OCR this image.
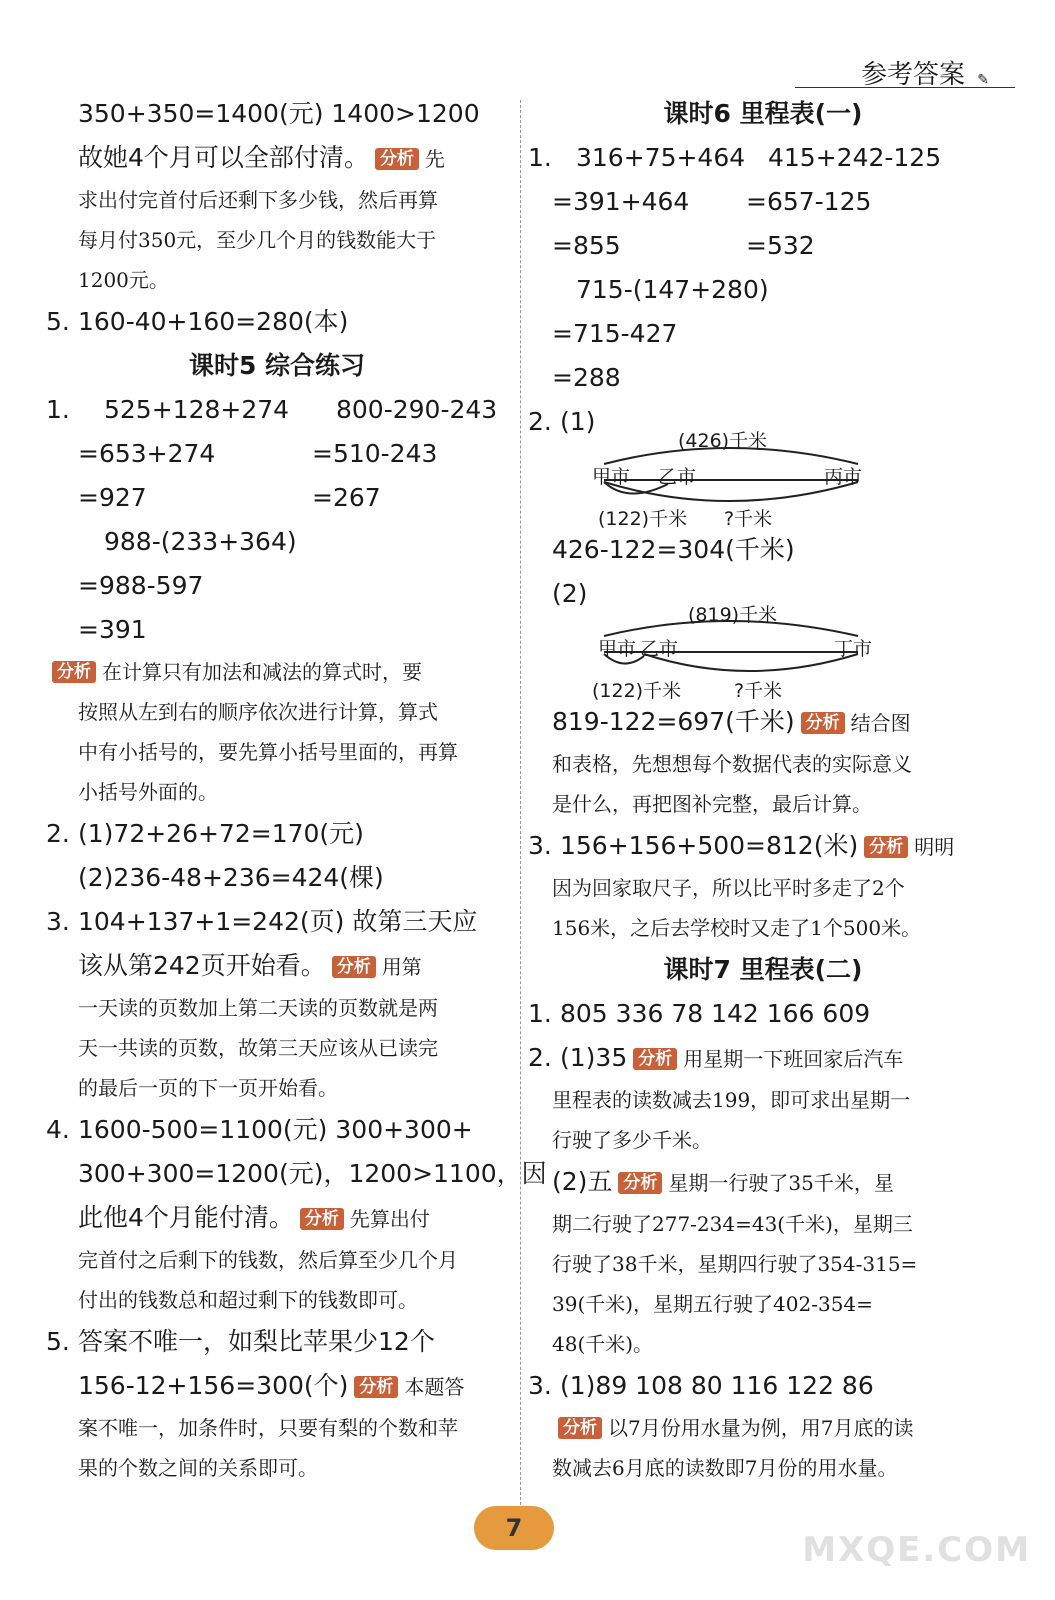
参考答案 ✎
350+350=1400(元) 1400>1200
故她4个月可以全部付清。 分析 先
求出付完首付后还剩下多少钱，然后再算
每月付350元，至少几个月的钱数能大于
1200元。
5. 160-40+160=280(本)
课时5 综合练习
1. 525+128+274 800-290-243
=653+274	=510-243
=927	=267
988-(233+364)
=988-597
=391
分析 在计算只有加法和减法的算式时，要
按照从左到右的顺序依次进行计算，算式
中有小括号的，要先算小括号里面的，再算
小括号外面的。
2. (1)72+26+72=170(元)
(2)236-48+236=424(棵)
3. 104+137+1=242(页) 故第三天应
该从第242页开始看。 分析 用第
一天读的页数加上第二天读的页数就是两
天一共读的页数，故第三天应该从已读完
的最后一页的下一页开始看。
4. 1600-500=1100(元) 300+300+
300+300=1200(元)，1200>1100，因
此他4个月能付清。 分析 先算出付
完首付之后剩下的钱数，然后算至少几个月
付出的钱数总和超过剩下的钱数即可。
5. 答案不唯一，如梨比苹果少12个
156-12+156=300(个) 分析 本题答
案不唯一，加条件时，只要有梨的个数和苹
果的个数之间的关系即可。
课时6 里程表(一)
1. 316+75+464 415+242-125
=391+464 =657-125
=855	=532
715-(147+280)
=715-427
=288
2. (1)
(426)千米
甲市 乙市	丙市
(122)千米 ?千米
426-122=304(千米)
(2)
(819)千米
甲市 乙市	丁市
(122)千米	?千米
819-122=697(千米) 分析 结合图
和表格，先想想每个数据代表的实际意义
是什么，再把图补完整，最后计算。
3. 156+156+500=812(米) 分析 明明
因为回家取尺子，所以比平时多走了2个
156米，之后去学校时又走了1个500米。
课时7 里程表(二)
1. 805 336 78 142 166 609
2. (1)35 分析 用星期一下班回家后汽车
里程表的读数减去199，即可求出星期一
行驶了多少千米。
(2)五 分析 星期一行驶了35千米，星
期二行驶了277-234=43(千米)，星期三
行驶了38千米，星期四行驶了354-315=
39(千米)，星期五行驶了402-354=
48(千米)。
3. (1)89 108 80 116 122 86
分析 以7月份用水量为例，用7月底的读
数减去6月底的读数即7月份的用水量。
7
MXQE.COM
